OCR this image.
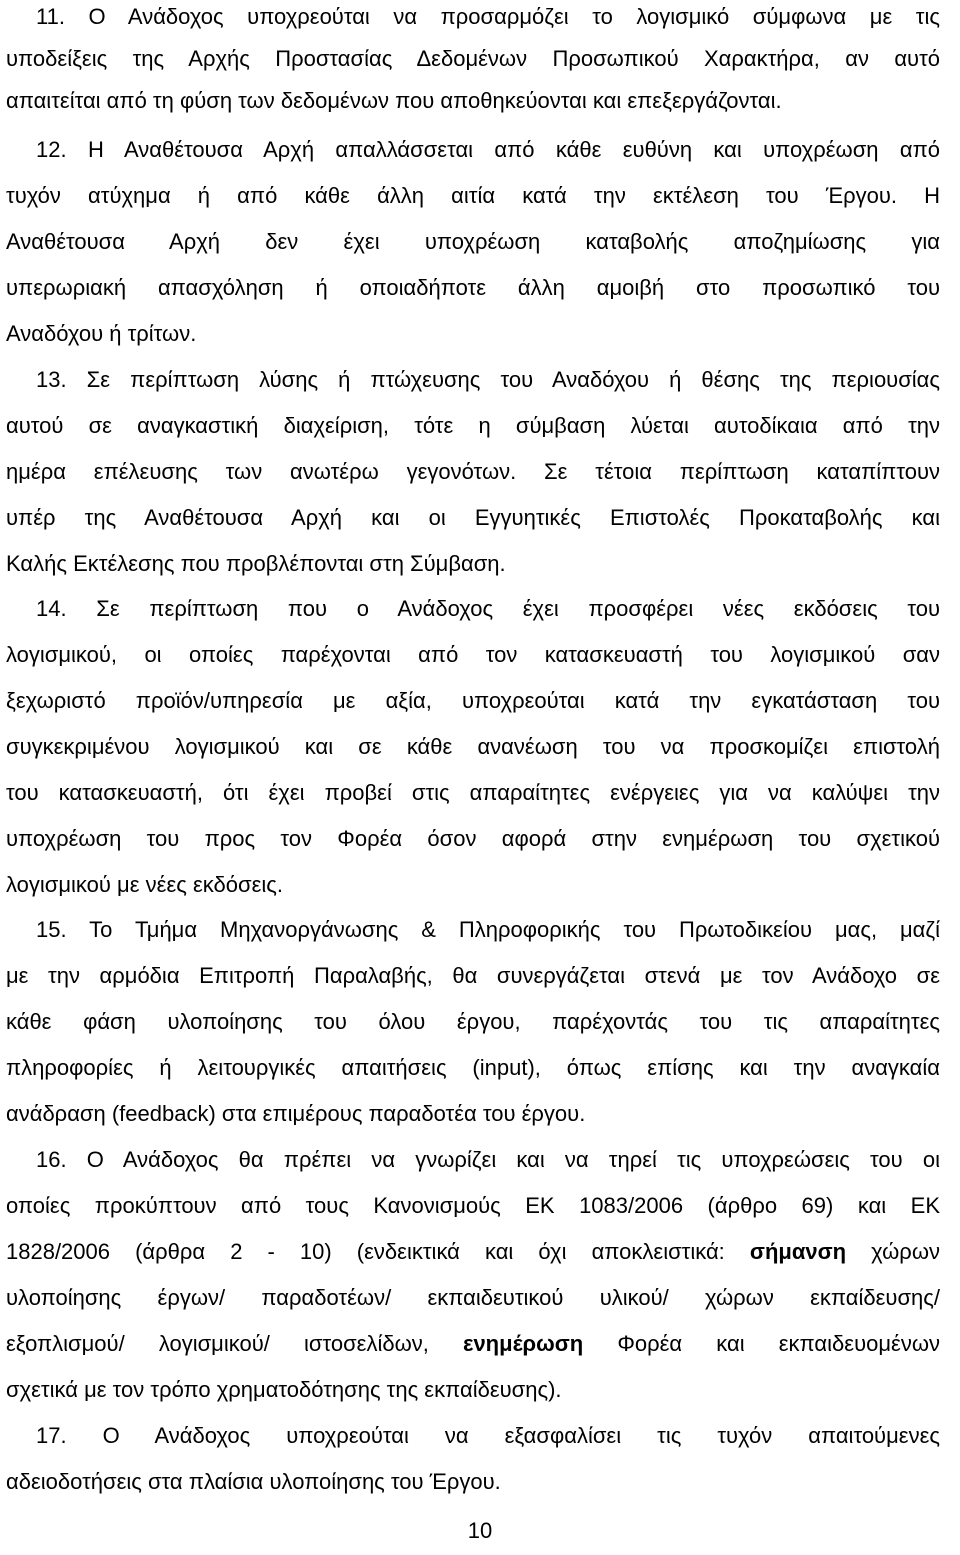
11. Ο Ανάδοχος υποχρεούται να προσαρμόζει το λογισμικό σύμφωνα με τις
υποδείξεις της Αρχής Προστασίας Δεδομένων Προσωπικού Χαρακτήρα, αν αυτό
απαιτείται από τη φύση των δεδομένων που αποθηκεύονται και επεξεργάζονται.
12. Η Αναθέτουσα Αρχή απαλλάσσεται από κάθε ευθύνη και υποχρέωση από
τυχόν ατύχημα ή από κάθε άλλη αιτία κατά την εκτέλεση του Έργου. Η
Αναθέτουσα Αρχή δεν έχει υποχρέωση καταβολής αποζημίωσης για
υπερωριακή απασχόληση ή οποιαδήποτε άλλη αμοιβή στο προσωπικό του
Αναδόχου ή τρίτων.
13. Σε περίπτωση λύσης ή πτώχευσης του Αναδόχου ή θέσης της περιουσίας
αυτού σε αναγκαστική διαχείριση, τότε η σύμβαση λύεται αυτοδίκαια από την
ημέρα επέλευσης των ανωτέρω γεγονότων. Σε τέτοια περίπτωση καταπίπτουν
υπέρ της Αναθέτουσα Αρχή και οι Εγγυητικές Επιστολές Προκαταβολής και
Καλής Εκτέλεσης που προβλέπονται στη Σύμβαση.
14. Σε περίπτωση που ο Ανάδοχος έχει προσφέρει νέες εκδόσεις του
λογισμικού, οι οποίες παρέχονται από τον κατασκευαστή του λογισμικού σαν
ξεχωριστό προϊόν/υπηρεσία με αξία, υποχρεούται κατά την εγκατάσταση του
συγκεκριμένου λογισμικού και σε κάθε ανανέωση του να προσκομίζει επιστολή
του κατασκευαστή, ότι έχει προβεί στις απαραίτητες ενέργειες για να καλύψει την
υποχρέωση του προς τον Φορέα όσον αφορά στην ενημέρωση του σχετικού
λογισμικού με νέες εκδόσεις.
15. Το Τμήμα Μηχανοργάνωσης & Πληροφορικής του Πρωτοδικείου μας, μαζί
με την αρμόδια Επιτροπή Παραλαβής, θα συνεργάζεται στενά με τον Ανάδοχο σε
κάθε φάση υλοποίησης του όλου έργου, παρέχοντάς του τις απαραίτητες
πληροφορίες ή λειτουργικές απαιτήσεις (input), όπως επίσης και την αναγκαία
ανάδραση (feedback) στα επιμέρους παραδοτέα του έργου.
16. Ο Ανάδοχος θα πρέπει να γνωρίζει και να τηρεί τις υποχρεώσεις του οι
οποίες προκύπτουν από τους Κανονισμούς ΕΚ 1083/2006 (άρθρο 69) και ΕΚ
1828/2006 (άρθρα 2 - 10) (ενδεικτικά και όχι αποκλειστικά: σήμανση χώρων
υλοποίησης έργων/ παραδοτέων/ εκπαιδευτικού υλικού/ χώρων εκπαίδευσης/
εξοπλισμού/ λογισμικού/ ιστοσελίδων, ενημέρωση Φορέα και εκπαιδευομένων
σχετικά με τον τρόπο χρηματοδότησης της εκπαίδευσης).
17. Ο Ανάδοχος υποχρεούται να εξασφαλίσει τις τυχόν απαιτούμενες
αδειοδοτήσεις στα πλαίσια υλοποίησης του Έργου.
10
